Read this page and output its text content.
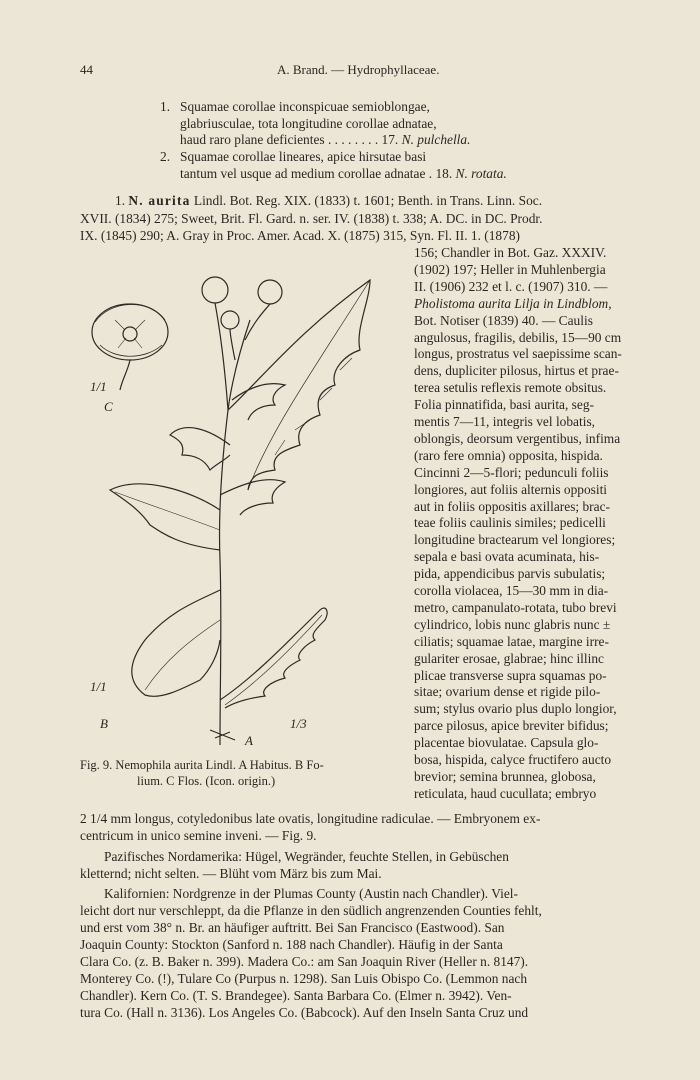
44	A. Brand. — Hydrophyllaceae.
1. Squamae corollae inconspicuae semioblongae,
glabriusculae, tota longitudine corollae adnatae,
haud raro plane deficientes . . . . . . . . 17. N. pulchella.
2. Squamae corollae lineares, apice hirsutae basi
tantum vel usque ad medium corollae adnatae . 18. N. rotata.
1. N. aurita Lindl. Bot. Reg. XIX. (1833) t. 1601; Benth. in Trans. Linn. Soc.
XVII. (1834) 275; Sweet, Brit. Fl. Gard. n. ser. IV. (1838) t. 338; A. DC. in DC. Prodr.
IX. (1845) 290; A. Gray in Proc. Amer. Acad. X. (1875) 315, Syn. Fl. II. 1. (1878)
156; Chandler in Bot. Gaz. XXXIV.
(1902) 197; Heller in Muhlenbergia
II. (1906) 232 et l. c. (1907) 310. —
Pholistoma aurita Lilja in Lindblom,
Bot. Notiser (1839) 40. — Caulis
angulosus, fragilis, debilis, 15—90 cm
longus, prostratus vel saepissime scan-
dens, dupliciter pilosus, hirtus et prae-
terea setulis reflexis remote obsitus.
Folia pinnatifida, basi aurita, seg-
mentis 7—11, integris vel lobatis,
oblongis, deorsum vergentibus, infima
(raro fere omnia) opposita, hispida.
Cincinni 2—5-flori; pedunculi foliis
longiores, aut foliis alternis oppositi
aut in foliis oppositis axillares; brac-
teae foliis caulinis similes; pedicelli
longitudine bractearum vel longiores;
sepala e basi ovata acuminata, his-
pida, appendicibus parvis subulatis;
corolla violacea, 15—30 mm in dia-
metro, campanulato-rotata, tubo brevi
cylindrico, lobis nunc glabris nunc ±
ciliatis; squamae latae, margine irre-
gulariter erosae, glabrae; hinc illinc
plicae transverse supra squamas po-
sitae; ovarium dense et rigide pilo-
sum; stylus ovario plus duplo longior,
parce pilosus, apice breviter bifidus;
placentae biovulatae. Capsula glo-
bosa, hispida, calyce fructifero aucto
brevior; semina brunnea, globosa,
reticulata, haud cucullata; embryo
1/1
C
1/1
B	1/3
A
Fig. 9. Nemophila aurita Lindl. A Habitus. B Fo-
lium. C Flos. (Icon. origin.)
2 1/4 mm longus, cotyledonibus late ovatis, longitudine radiculae. — Embryonem ex-
centricum in unico semine inveni. — Fig. 9.
Pazifisches Nordamerika: Hügel, Wegränder, feuchte Stellen, in Gebüschen
kletternd; nicht selten. — Blüht vom März bis zum Mai.
Kalifornien: Nordgrenze in der Plumas County (Austin nach Chandler). Viel-
leicht dort nur verschleppt, da die Pflanze in den südlich angrenzenden Counties fehlt,
und erst vom 38° n. Br. an häufiger auftritt. Bei San Francisco (Eastwood). San
Joaquin County: Stockton (Sanford n. 188 nach Chandler). Häufig in der Santa
Clara Co. (z. B. Baker n. 399). Madera Co.: am San Joaquin River (Heller n. 8147).
Monterey Co. (!), Tulare Co (Purpus n. 1298). San Luis Obispo Co. (Lemmon nach
Chandler). Kern Co. (T. S. Brandegee). Santa Barbara Co. (Elmer n. 3942). Ven-
tura Co. (Hall n. 3136). Los Angeles Co. (Babcock). Auf den Inseln Santa Cruz und
